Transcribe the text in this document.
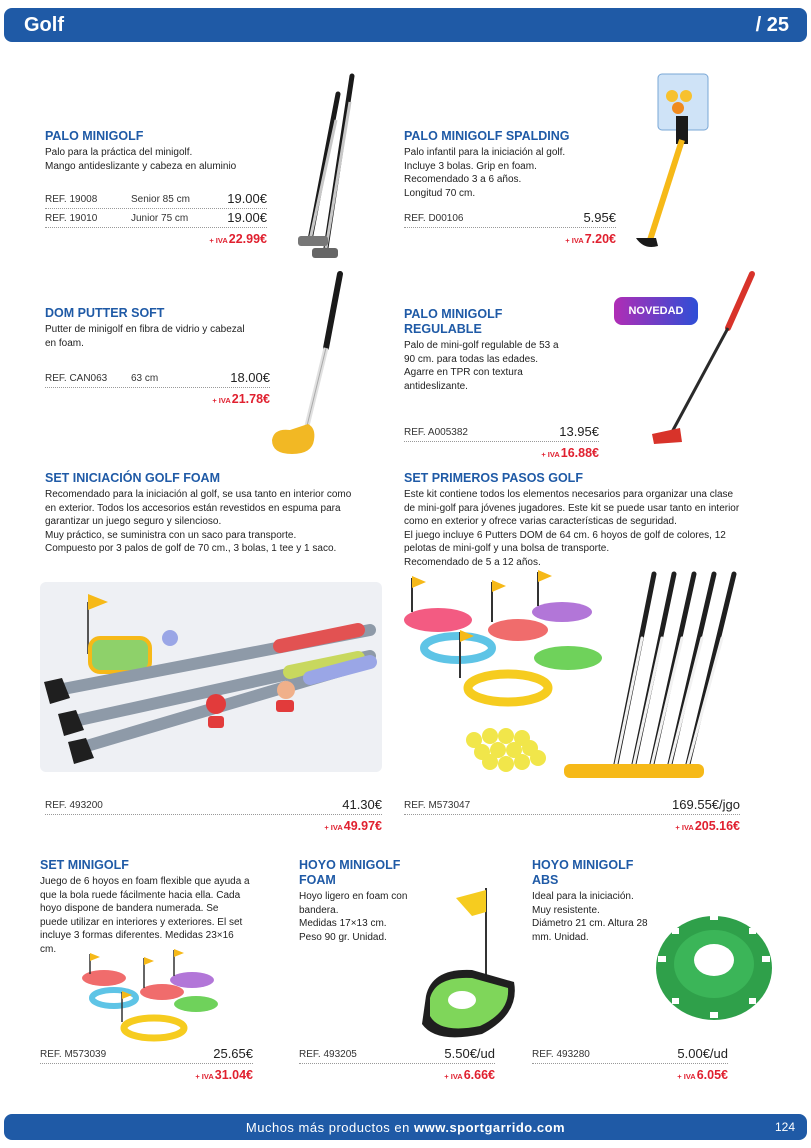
Golf	/ 25
PALO MINIGOLF
Palo para la práctica del minigolf.
Mango antideslizante y cabeza en aluminio
REF. 19008	Senior 85 cm	19.00€
REF. 19010	Junior 75 cm	19.00€
+ IVA22.99€
PALO MINIGOLF SPALDING
Palo infantil para la iniciación al golf.
Incluye 3 bolas. Grip en foam.
Recomendado 3 a 6 años.
Longitud 70 cm.
REF. D00106	5.95€
+ IVA7.20€
DOM PUTTER SOFT
Putter de minigolf en fibra de vidrio y cabezal
en foam.
REF. CAN063 63 cm	18.00€
+ IVA21.78€
NOVEDAD
PALO MINIGOLF
REGULABLE
Palo de mini-golf regulable de 53 a
90 cm. para todas las edades.
Agarre en TPR con textura
antideslizante.
REF. A005382	13.95€
+ IVA16.88€
SET INICIACIÓN GOLF FOAM
Recomendado para la iniciación al golf, se usa tanto en interior como
en exterior. Todos los accesorios están revestidos en espuma para
garantizar un juego seguro y silencioso.
Muy práctico, se suministra con un saco para transporte.
Compuesto por 3 palos de golf de 70 cm., 3 bolas, 1 tee y 1 saco.
REF. 493200	41.30€
+ IVA49.97€
SET PRIMEROS PASOS GOLF
Este kit contiene todos los elementos necesarios para organizar una clase
de mini-golf para jóvenes jugadores. Este kit se puede usar tanto en interior
como en exterior y ofrece varias características de seguridad.
El juego incluye 6 Putters DOM de 64 cm. 6 hoyos de golf de colores, 12
pelotas de mini-golf y una bolsa de transporte.
Recomendado de 5 a 12 años.
REF. M573047	169.55€/jgo
+ IVA205.16€
SET MINIGOLF
Juego de 6 hoyos en foam flexible que ayuda a
que la bola ruede fácilmente hacia ella. Cada
hoyo dispone de bandera numerada. Se
puede utilizar en interiores y exteriores. El set
incluye 3 formas diferentes. Medidas 23×16
cm.
REF. M573039	25.65€
+ IVA31.04€
HOYO MINIGOLF
FOAM
Hoyo ligero en foam con
bandera.
Medidas 17×13 cm.
Peso 90 gr. Unidad.
REF. 493205	5.50€/ud
+ IVA6.66€
HOYO MINIGOLF
ABS
Ideal para la iniciación.
Muy resistente.
Diámetro 21 cm. Altura 28
mm. Unidad.
REF. 493280	5.00€/ud
+ IVA6.05€
Muchos más productos en www.sportgarrido.com	124
